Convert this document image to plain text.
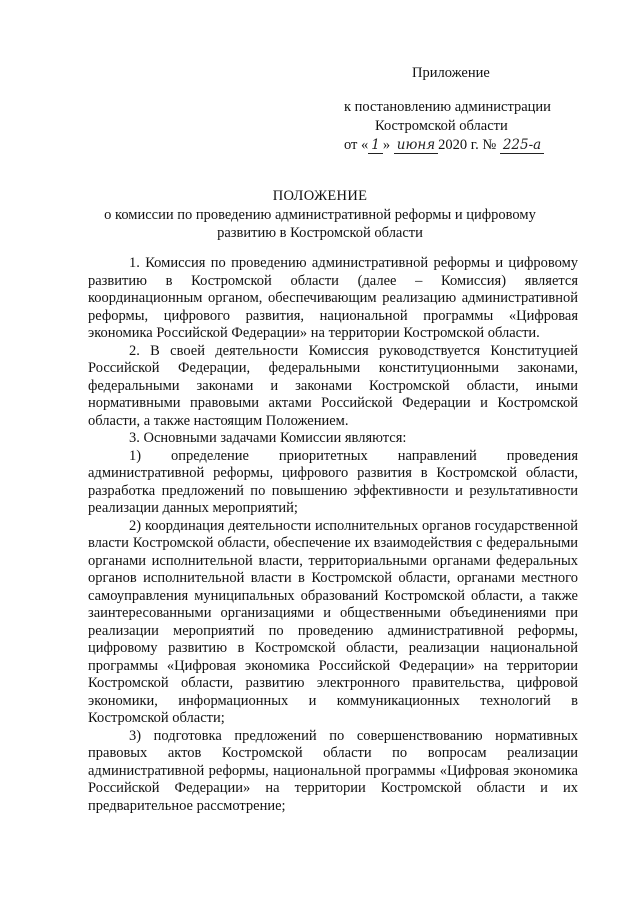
Приложение
к постановлению администрации
Костромской области
от « 1 » июня 2020 г. № 225-а
ПОЛОЖЕНИЕ
о комиссии по проведению административной реформы и цифровому
развитию в Костромской области

1. Комиссия по проведению административной реформы и цифровому развитию в Костромской области (далее – Комиссия) является координационным органом, обеспечивающим реализацию административной реформы, цифрового развития, национальной программы «Цифровая экономика Российской Федерации» на территории Костромской области.

2. В своей деятельности Комиссия руководствуется Конституцией Российской Федерации, федеральными конституционными законами, федеральными законами и законами Костромской области, иными нормативными правовыми актами Российской Федерации и Костромской области, а также настоящим Положением.

3. Основными задачами Комиссии являются:

1) определение приоритетных направлений проведения административной реформы, цифрового развития в Костромской области, разработка предложений по повышению эффективности и результативности реализации данных мероприятий;

2) координация деятельности исполнительных органов государственной власти Костромской области, обеспечение их взаимодействия с федеральными органами исполнительной власти, территориальными органами федеральных органов исполнительной власти в Костромской области, органами местного самоуправления муниципальных образований Костромской области, а также заинтересованными организациями и общественными объединениями при реализации мероприятий по проведению административной реформы, цифровому развитию в Костромской области, реализации национальной программы «Цифровая экономика Российской Федерации» на территории Костромской области, развитию электронного правительства, цифровой экономики, информационных и коммуникационных технологий в Костромской области;

3) подготовка предложений по совершенствованию нормативных правовых актов Костромской области по вопросам реализации административной реформы, национальной программы «Цифровая экономика Российской Федерации» на территории Костромской области и их предварительное рассмотрение;
